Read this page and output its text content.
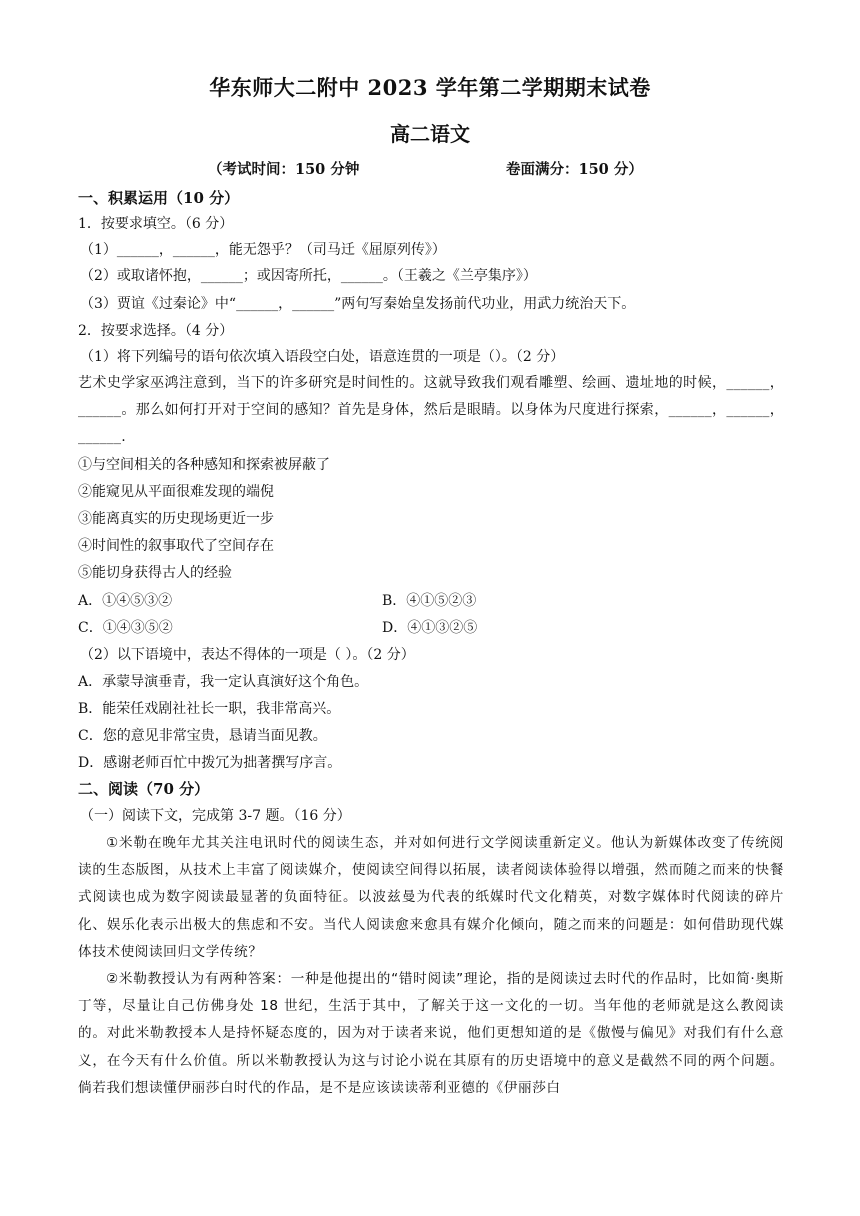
华东师大二附中 2023 学年第二学期期末试卷
高二语文
（考试时间：150 分钟	卷面满分：150 分）
一、积累运用（10 分）
1．按要求填空。（6 分）
（1）______，______，能无怨乎？（司马迁《屈原列传》）
（2）或取诸怀抱，______；或因寄所托，______。（王羲之《兰亭集序》）
（3）贾谊《过秦论》中“______，______”两句写秦始皇发扬前代功业，用武力统治天下。
2．按要求选择。（4 分）
（1）将下列编号的语句依次填入语段空白处，语意连贯的一项是（）。（2 分）
艺术史学家巫鸿注意到，当下的许多研究是时间性的。这就导致我们观看雕塑、绘画、遗址地的时候，______，______。那么如何打开对于空间的感知？首先是身体，然后是眼睛。以身体为尺度进行探索，______，______，______.
①与空间相关的各种感知和探索被屏蔽了
②能窥见从平面很难发现的端倪
③能离真实的历史现场更近一步
④时间性的叙事取代了空间存在
⑤能切身获得古人的经验
A．①④⑤③②	B．④①⑤②③
C．①④③⑤②	D．④①③②⑤
（2）以下语境中，表达不得体的一项是（ ）。（2 分）
A．承蒙导演垂青，我一定认真演好这个角色。
B．能荣任戏剧社社长一职，我非常高兴。
C．您的意见非常宝贵，恳请当面见教。
D．感谢老师百忙中拨冗为拙著撰写序言。
二、阅读（70 分）
（一）阅读下文，完成第 3-7 题。（16 分）

①米勒在晚年尤其关注电讯时代的阅读生态，并对如何进行文学阅读重新定义。他认为新媒体改变了传统阅读的生态版图，从技术上丰富了阅读媒介，使阅读空间得以拓展，读者阅读体验得以增强，然而随之而来的快餐式阅读也成为数字阅读最显著的负面特征。以波兹曼为代表的纸媒时代文化精英，对数字媒体时代阅读的碎片化、娱乐化表示出极大的焦虑和不安。当代人阅读愈来愈具有媒介化倾向，随之而来的问题是：如何借助现代媒体技术使阅读回归文学传统？

②米勒教授认为有两种答案：一种是他提出的“错时阅读”理论，指的是阅读过去时代的作品时，比如简·奥斯丁等，尽量让自己仿佛身处 18 世纪，生活于其中，了解关于这一文化的一切。当年他的老师就是这么教阅读的。对此米勒教授本人是持怀疑态度的，因为对于读者来说，他们更想知道的是《傲慢与偏见》对我们有什么意义，在今天有什么价值。所以米勒教授认为这与讨论小说在其原有的历史语境中的意义是截然不同的两个问题。倘若我们想读懂伊丽莎白时代的作品，是不是应该读读蒂利亚德的《伊丽莎白
